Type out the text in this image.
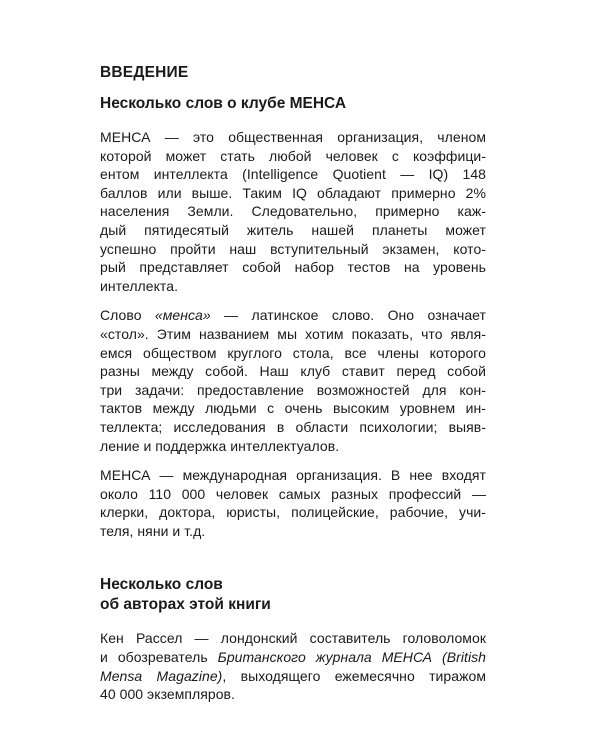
ВВЕДЕНИЕ
Несколько слов о клубе МЕНСА

МЕНСА — это общественная организация, членом
которой может стать любой человек с коэффици-
ентом интеллекта (Intelligence Quotient — IQ) 148
баллов или выше. Таким IQ обладают примерно 2%
населения Земли. Следовательно, примерно каж-
дый пятидесятый житель нашей планеты может
успешно пройти наш вступительный экзамен, кото-
рый представляет собой набор тестов на уровень
интеллекта.

Слово «менса» — латинское слово. Оно означает
«стол». Этим названием мы хотим показать, что явля-
емся обществом круглого стола, все члены которого
разны между собой. Наш клуб ставит перед собой
три задачи: предоставление возможностей для кон-
тактов между людьми с очень высоким уровнем ин-
теллекта; исследования в области психологии; выяв-
ление и поддержка интеллектуалов.

МЕНСА — международная организация. В нее входят
около 110 000 человек самых разных профессий —
клерки, доктора, юристы, полицейские, рабочие, учи-
теля, няни и т.д.

Несколько слов
об авторах этой книги

Кен Рассел — лондонский составитель головоломок
и обозреватель Британского журнала МЕНСА (British
Mensa Magazine), выходящего ежемесячно тиражом
40 000 экземпляров.
